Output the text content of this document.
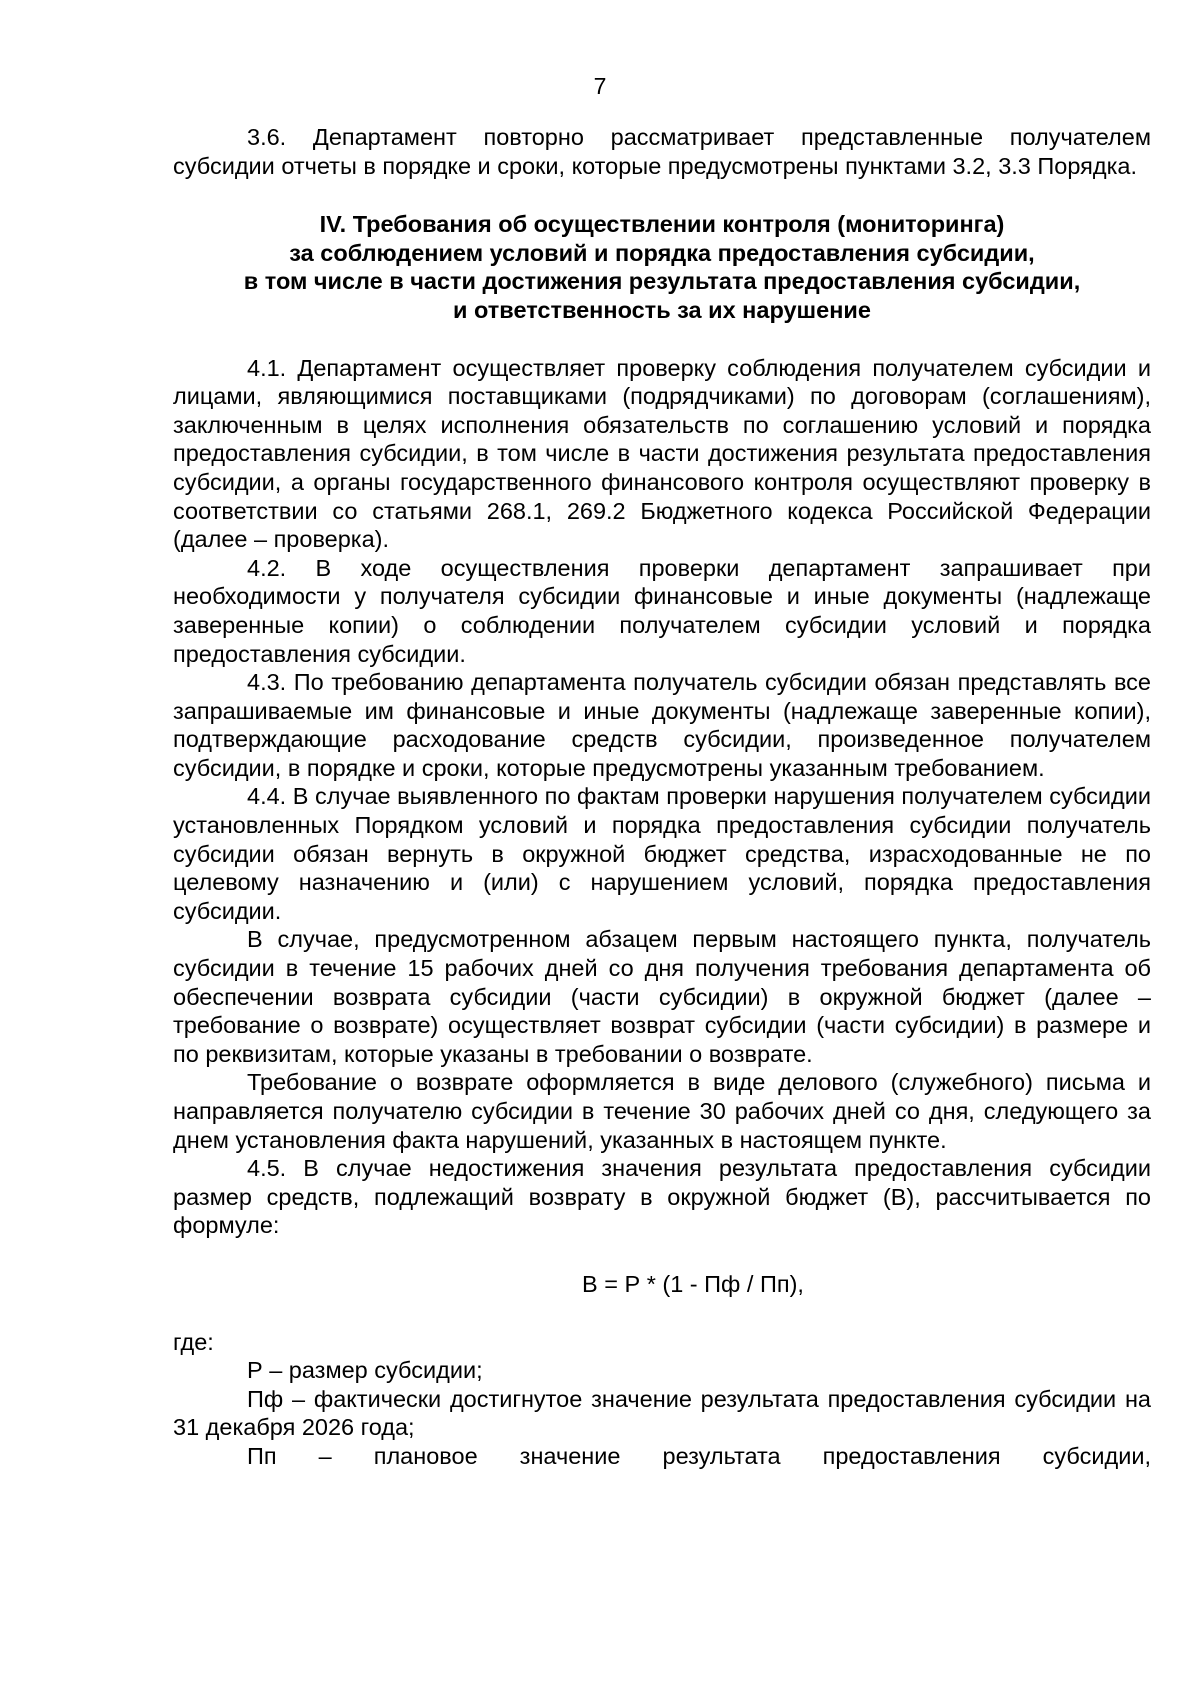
7

3.6. Департамент повторно рассматривает представленные получателем субсидии отчеты в порядке и сроки, которые предусмотрены пунктами 3.2, 3.3 Порядка.

IV. Требования об осуществлении контроля (мониторинга)
за соблюдением условий и порядка предоставления субсидии,
в том числе в части достижения результата предоставления субсидии,
и ответственность за их нарушение

4.1. Департамент осуществляет проверку соблюдения получателем субсидии и лицами, являющимися поставщиками (подрядчиками) по договорам (соглашениям), заключенным в целях исполнения обязательств по соглашению условий и порядка предоставления субсидии, в том числе в части достижения результата предоставления субсидии, а органы государственного финансового контроля осуществляют проверку в соответствии со статьями 268.1, 269.2 Бюджетного кодекса Российской Федерации (далее – проверка).

4.2. В ходе осуществления проверки департамент запрашивает при необходимости у получателя субсидии финансовые и иные документы (надлежаще заверенные копии) о соблюдении получателем субсидии условий и порядка предоставления субсидии.

4.3. По требованию департамента получатель субсидии обязан представлять все запрашиваемые им финансовые и иные документы (надлежаще заверенные копии), подтверждающие расходование средств субсидии, произведенное получателем субсидии, в порядке и сроки, которые предусмотрены указанным требованием.

4.4. В случае выявленного по фактам проверки нарушения получателем субсидии установленных Порядком условий и порядка предоставления субсидии получатель субсидии обязан вернуть в окружной бюджет средства, израсходованные не по целевому назначению и (или) с нарушением условий, порядка предоставления субсидии.

В случае, предусмотренном абзацем первым настоящего пункта, получатель субсидии в течение 15 рабочих дней со дня получения требования департамента об обеспечении возврата субсидии (части субсидии) в окружной бюджет (далее – требование о возврате) осуществляет возврат субсидии (части субсидии) в размере и по реквизитам, которые указаны в требовании о возврате.

Требование о возврате оформляется в виде делового (служебного) письма и направляется получателю субсидии в течение 30 рабочих дней со дня, следующего за днем установления факта нарушений, указанных в настоящем пункте.

4.5. В случае недостижения значения результата предоставления субсидии размер средств, подлежащий возврату в окружной бюджет (В), рассчитывается по формуле:

В = Р * (1 - Пф / Пп),

где:

Р – размер субсидии;

Пф – фактически достигнутое значение результата предоставления субсидии на 31 декабря 2026 года;

Пп – плановое значение результата предоставления субсидии,
